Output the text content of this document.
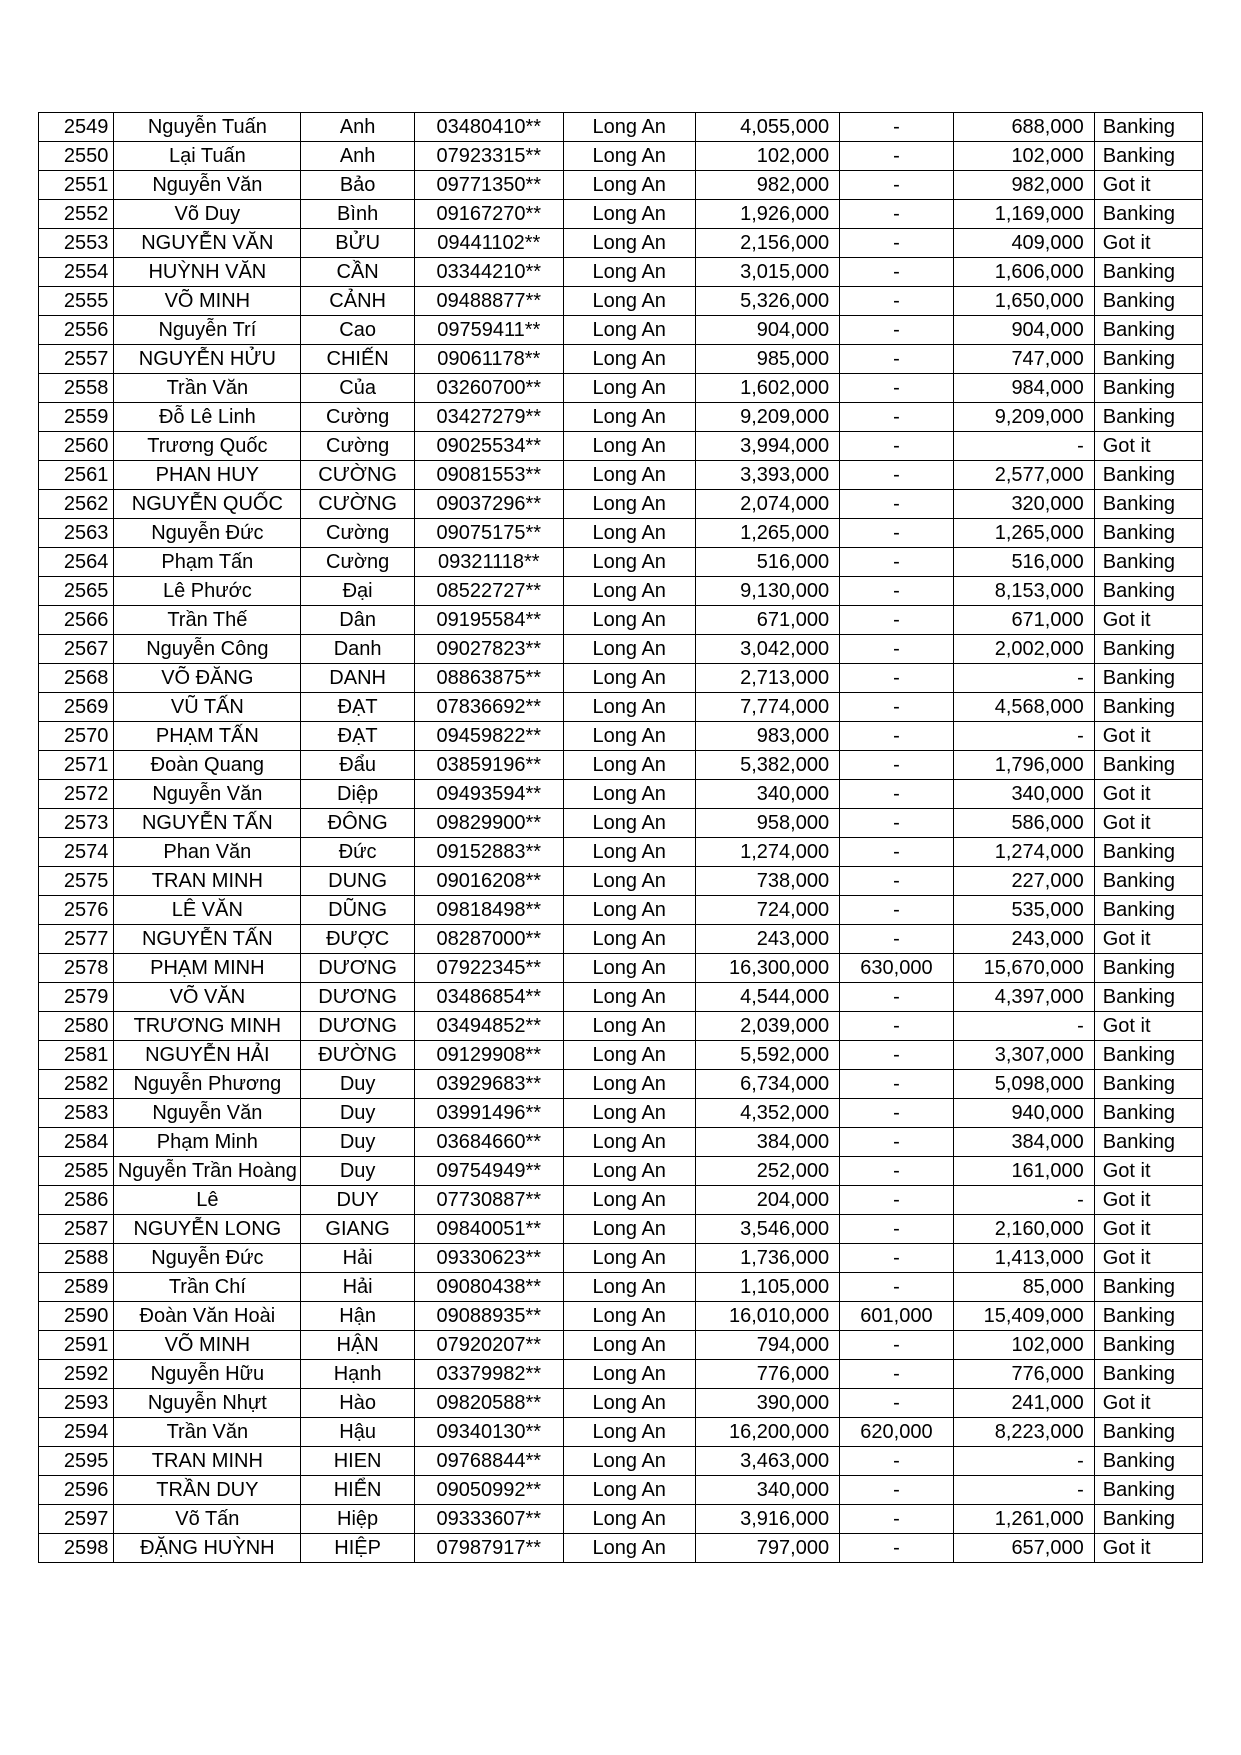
2549	Nguyễn Tuấn	Anh	03480410**	Long An	4,055,000	-	688,000	Banking
2550	Lại Tuấn	Anh	07923315**	Long An	102,000	-	102,000	Banking
2551	Nguyễn Văn	Bảo	09771350**	Long An	982,000	-	982,000	Got it
2552	Võ Duy	Bình	09167270**	Long An	1,926,000	-	1,169,000	Banking
2553	NGUYỄN VĂN	BỬU	09441102**	Long An	2,156,000	-	409,000	Got it
2554	HUỲNH VĂN	CẦN	03344210**	Long An	3,015,000	-	1,606,000	Banking
2555	VÕ MINH	CẢNH	09488877**	Long An	5,326,000	-	1,650,000	Banking
2556	Nguyễn Trí	Cao	09759411**	Long An	904,000	-	904,000	Banking
2557	NGUYỄN HỬU	CHIẾN	09061178**	Long An	985,000	-	747,000	Banking
2558	Trần Văn	Của	03260700**	Long An	1,602,000	-	984,000	Banking
2559	Đỗ Lê Linh	Cường	03427279**	Long An	9,209,000	-	9,209,000	Banking
2560	Trương Quốc	Cường	09025534**	Long An	3,994,000	-	-	Got it
2561	PHAN HUY	CƯỜNG	09081553**	Long An	3,393,000	-	2,577,000	Banking
2562	NGUYỄN QUỐC	CƯỜNG	09037296**	Long An	2,074,000	-	320,000	Banking
2563	Nguyễn Đức	Cường	09075175**	Long An	1,265,000	-	1,265,000	Banking
2564	Phạm Tấn	Cường	09321118**	Long An	516,000	-	516,000	Banking
2565	Lê Phước	Đại	08522727**	Long An	9,130,000	-	8,153,000	Banking
2566	Trần Thế	Dân	09195584**	Long An	671,000	-	671,000	Got it
2567	Nguyễn Công	Danh	09027823**	Long An	3,042,000	-	2,002,000	Banking
2568	VÕ ĐĂNG	DANH	08863875**	Long An	2,713,000	-	-	Banking
2569	VŨ TẤN	ĐẠT	07836692**	Long An	7,774,000	-	4,568,000	Banking
2570	PHẠM TẤN	ĐẠT	09459822**	Long An	983,000	-	-	Got it
2571	Đoàn Quang	Đẩu	03859196**	Long An	5,382,000	-	1,796,000	Banking
2572	Nguyễn Văn	Diệp	09493594**	Long An	340,000	-	340,000	Got it
2573	NGUYỄN TẤN	ĐÔNG	09829900**	Long An	958,000	-	586,000	Got it
2574	Phan Văn	Đức	09152883**	Long An	1,274,000	-	1,274,000	Banking
2575	TRAN MINH	DUNG	09016208**	Long An	738,000	-	227,000	Banking
2576	LÊ VĂN	DŨNG	09818498**	Long An	724,000	-	535,000	Banking
2577	NGUYỄN TẤN	ĐƯỢC	08287000**	Long An	243,000	-	243,000	Got it
2578	PHẠM MINH	DƯƠNG	07922345**	Long An	16,300,000	630,000	15,670,000	Banking
2579	VÕ VĂN	DƯƠNG	03486854**	Long An	4,544,000	-	4,397,000	Banking
2580	TRƯƠNG MINH	DƯƠNG	03494852**	Long An	2,039,000	-	-	Got it
2581	NGUYỄN HẢI	ĐƯỜNG	09129908**	Long An	5,592,000	-	3,307,000	Banking
2582	Nguyễn Phương	Duy	03929683**	Long An	6,734,000	-	5,098,000	Banking
2583	Nguyễn Văn	Duy	03991496**	Long An	4,352,000	-	940,000	Banking
2584	Phạm Minh	Duy	03684660**	Long An	384,000	-	384,000	Banking
2585	Nguyễn Trần Hoàng	Duy	09754949**	Long An	252,000	-	161,000	Got it
2586	Lê	DUY	07730887**	Long An	204,000	-	-	Got it
2587	NGUYỄN LONG	GIANG	09840051**	Long An	3,546,000	-	2,160,000	Got it
2588	Nguyễn Đức	Hải	09330623**	Long An	1,736,000	-	1,413,000	Got it
2589	Trần Chí	Hải	09080438**	Long An	1,105,000	-	85,000	Banking
2590	Đoàn Văn Hoài	Hận	09088935**	Long An	16,010,000	601,000	15,409,000	Banking
2591	VÕ MINH	HẬN	07920207**	Long An	794,000	-	102,000	Banking
2592	Nguyễn Hữu	Hạnh	03379982**	Long An	776,000	-	776,000	Banking
2593	Nguyễn Nhựt	Hào	09820588**	Long An	390,000	-	241,000	Got it
2594	Trần Văn	Hậu	09340130**	Long An	16,200,000	620,000	8,223,000	Banking
2595	TRAN MINH	HIEN	09768844**	Long An	3,463,000	-	-	Banking
2596	TRẦN DUY	HIỂN	09050992**	Long An	340,000	-	-	Banking
2597	Võ Tấn	Hiệp	09333607**	Long An	3,916,000	-	1,261,000	Banking
2598	ĐẶNG HUỲNH	HIỆP	07987917**	Long An	797,000	-	657,000	Got it
